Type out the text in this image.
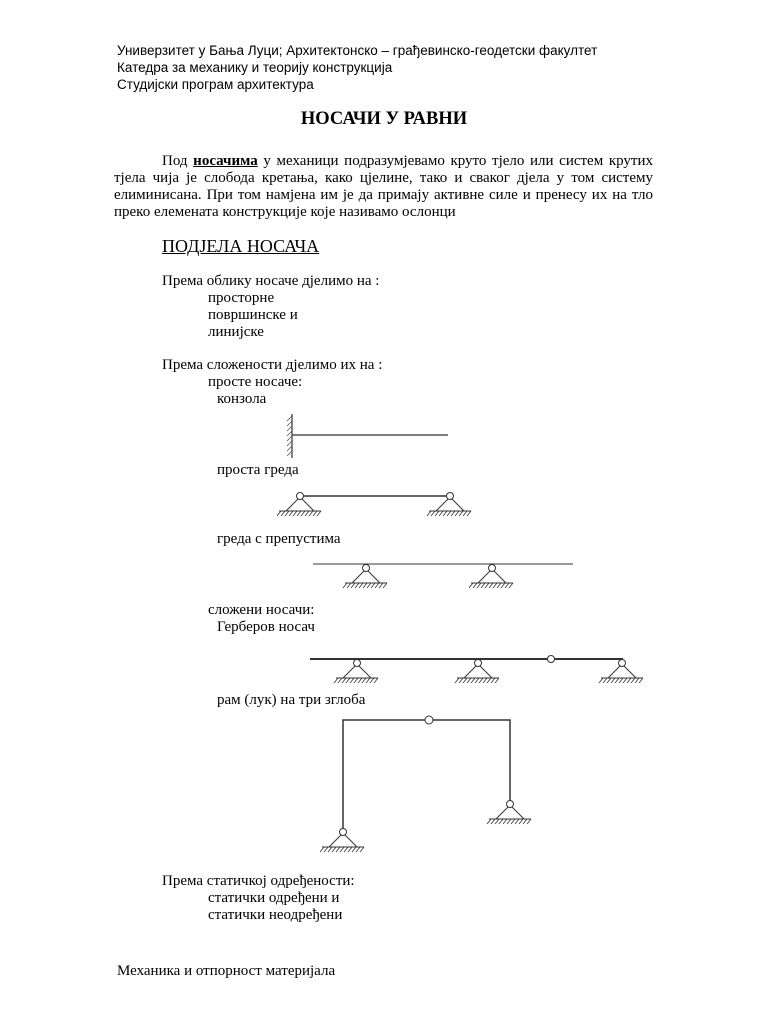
Универзитет у Бањa Луци; Архитектонско – грађевинско-геодетски факултет
Катедра за механику и теорију конструкција
Студијски програм архитектура
НОСАЧИ У РАВНИ
Под носачима у механици подразумјевамо круто тјело или систем крутих тјела чија је слобода кретања, како цјелине, тако и сваког дјела у том систему елиминисана. При том намјена им је да примају активне силе и пренесу их на тло преко елемената конструкције које називамо ослонци
ПОДЈЕЛА НОСАЧА
Према облику носаче дјелимо на :
просторне
површинске и
линијске
Према сложености дјелимо их на :
просте носаче:
конзола
проста греда
греда с препустима
сложени носачи:
Герберов носач
рам (лук) на три зглоба
Према статичкој одређености:
статички одређени и
статички неодређени
Механика и отпорност материјала
